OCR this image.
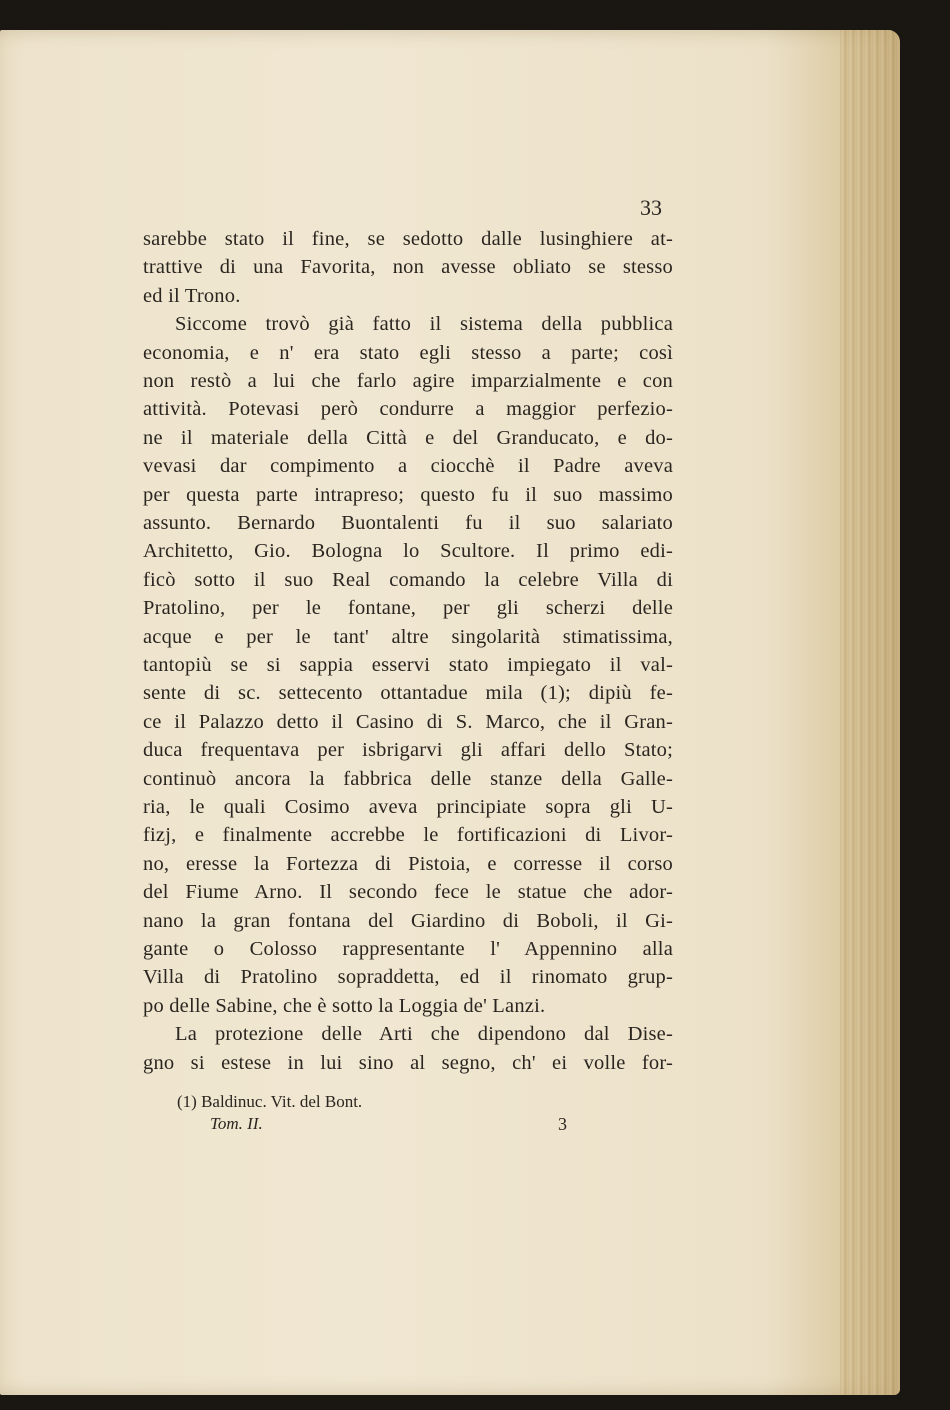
33
sarebbe stato il fine, se sedotto dalle lusinghiere at-
trattive di una Favorita, non avesse obliato se stesso
ed il Trono.
Siccome trovò già fatto il sistema della pubblica
economia, e n' era stato egli stesso a parte; così
non restò a lui che farlo agire imparzialmente e con
attività. Potevasi però condurre a maggior perfezio-
ne il materiale della Città e del Granducato, e do-
vevasi dar compimento a ciocchè il Padre aveva
per questa parte intrapreso; questo fu il suo massimo
assunto. Bernardo Buontalenti fu il suo salariato
Architetto, Gio. Bologna lo Scultore. Il primo edi-
ficò sotto il suo Real comando la celebre Villa di
Pratolino, per le fontane, per gli scherzi delle
acque e per le tant' altre singolarità stimatissima,
tantopiù se si sappia esservi stato impiegato il val-
sente di sc. settecento ottantadue mila (1); dipiù fe-
ce il Palazzo detto il Casino di S. Marco, che il Gran-
duca frequentava per isbrigarvi gli affari dello Stato;
continuò ancora la fabbrica delle stanze della Galle-
ria, le quali Cosimo aveva principiate sopra gli U-
fizj, e finalmente accrebbe le fortificazioni di Livor-
no, eresse la Fortezza di Pistoia, e corresse il corso
del Fiume Arno. Il secondo fece le statue che ador-
nano la gran fontana del Giardino di Boboli, il Gi-
gante o Colosso rappresentante l' Appennino alla
Villa di Pratolino sopraddetta, ed il rinomato grup-
po delle Sabine, che è sotto la Loggia de' Lanzi.
La protezione delle Arti che dipendono dal Dise-
gno si estese in lui sino al segno, ch' ei volle for-
(1) Baldinuc. Vit. del Bont.
Tom. II.	3
